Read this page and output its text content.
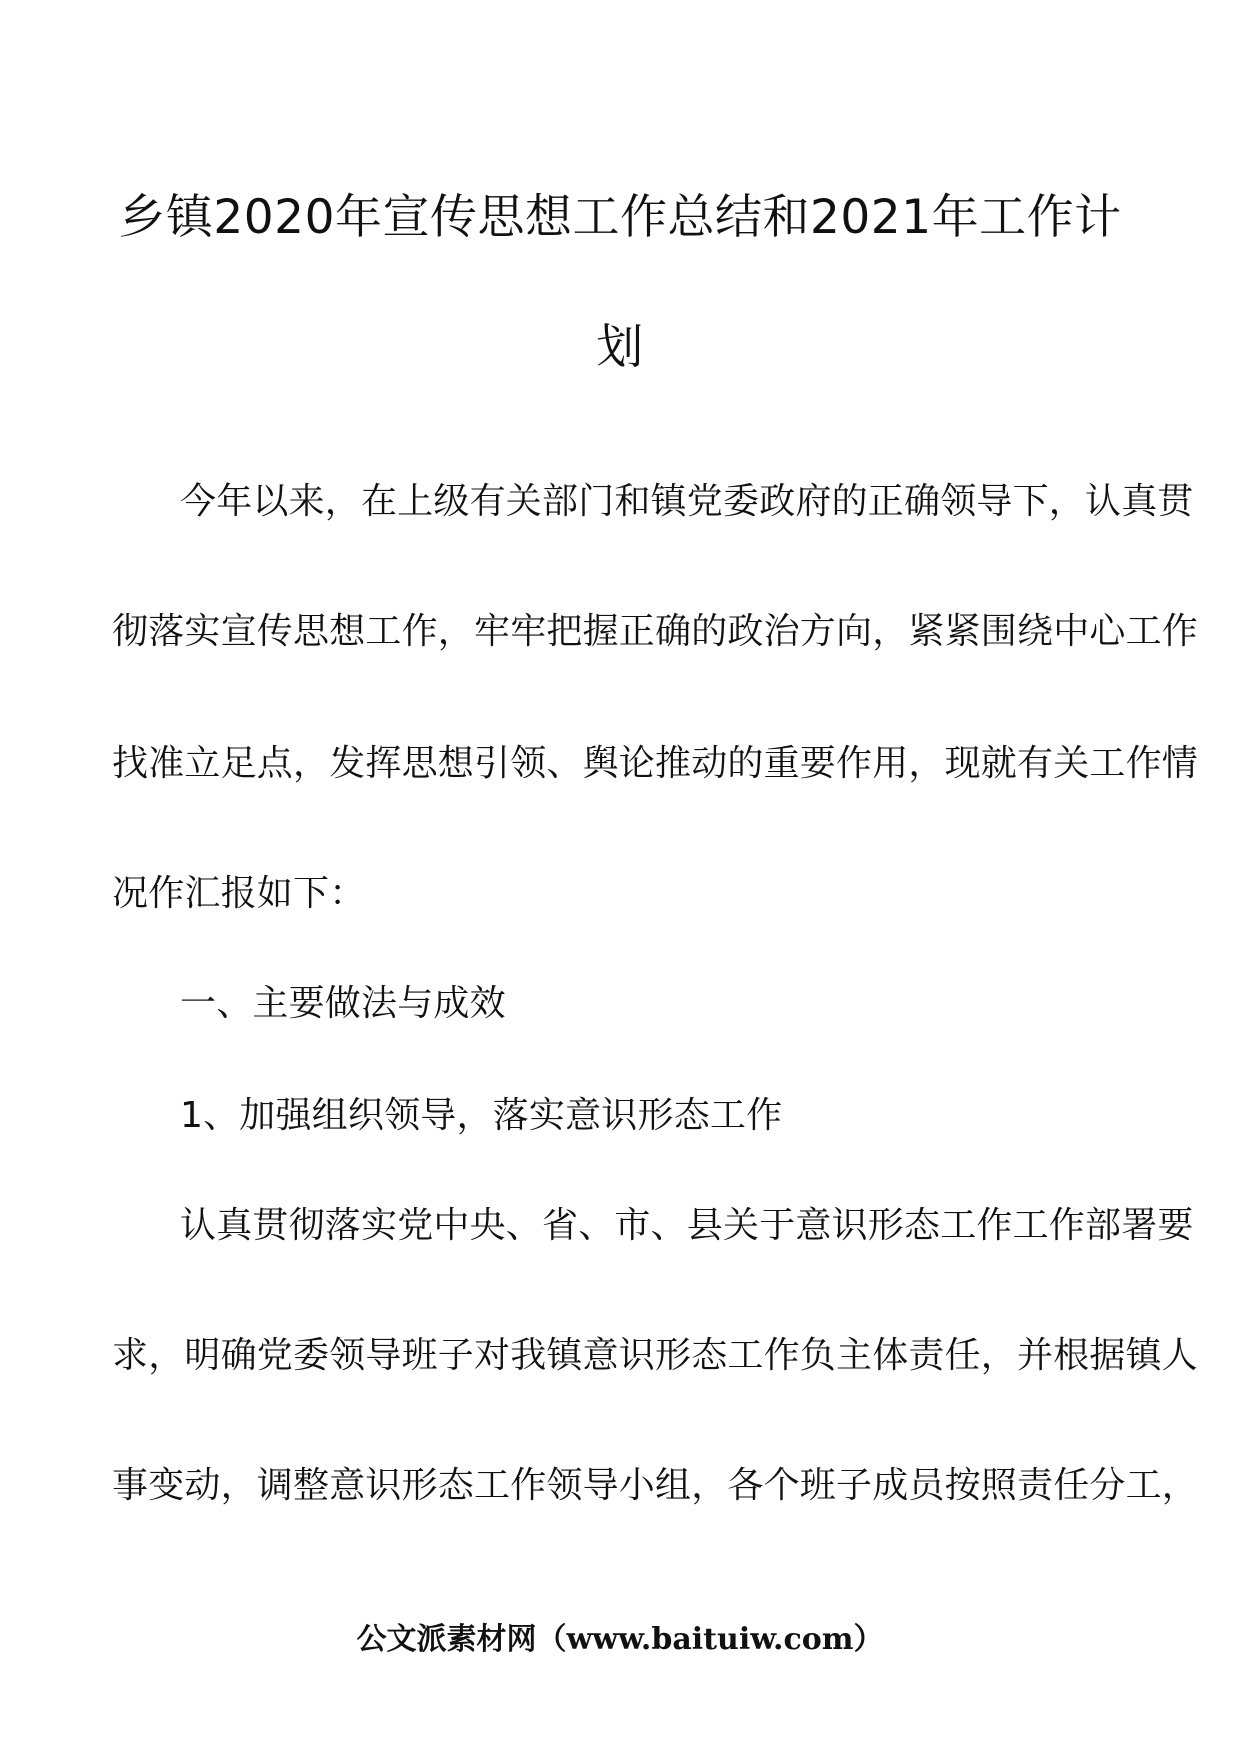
乡镇2020年宣传思想工作总结和2021年工作计
划
今年以来，在上级有关部门和镇党委政府的正确领导下，认真贯
彻落实宣传思想工作，牢牢把握正确的政治方向，紧紧围绕中心工作
找准立足点，发挥思想引领、舆论推动的重要作用，现就有关工作情
况作汇报如下：
一、主要做法与成效
1、加强组织领导，落实意识形态工作
认真贯彻落实党中央、省、市、县关于意识形态工作工作部署要
求，明确党委领导班子对我镇意识形态工作负主体责任，并根据镇人
事变动，调整意识形态工作领导小组，各个班子成员按照责任分工，
公文派素材网（www.baituiw.com）
